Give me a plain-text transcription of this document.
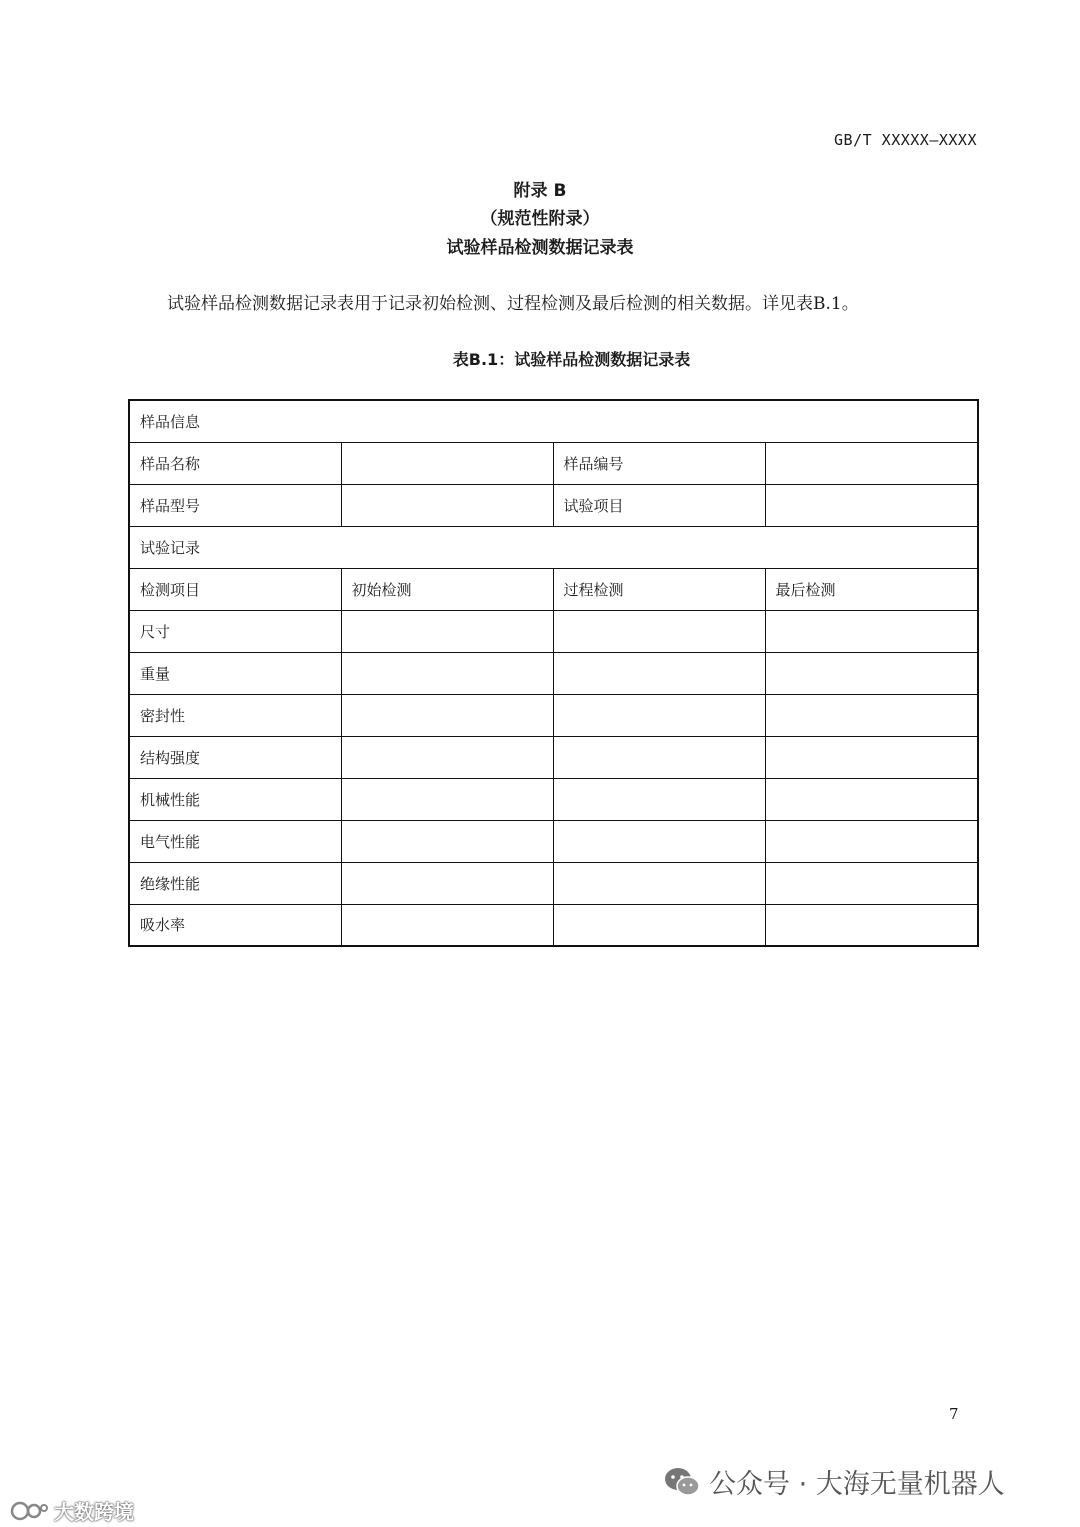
GB/T XXXXX—XXXX
附录 B
（规范性附录）
试验样品检测数据记录表
试验样品检测数据记录表用于记录初始检测、过程检测及最后检测的相关数据。详见表B.1。
表B.1：试验样品检测数据记录表
样品信息			
样品名称		样品编号	
样品型号		试验项目	
试验记录			
检测项目	初始检测	过程检测	最后检测
尺寸			
重量			
密封性			
结构强度			
机械性能			
电气性能			
绝缘性能			
吸水率			
7
公众号 · 大海无量机器人
大数跨境
